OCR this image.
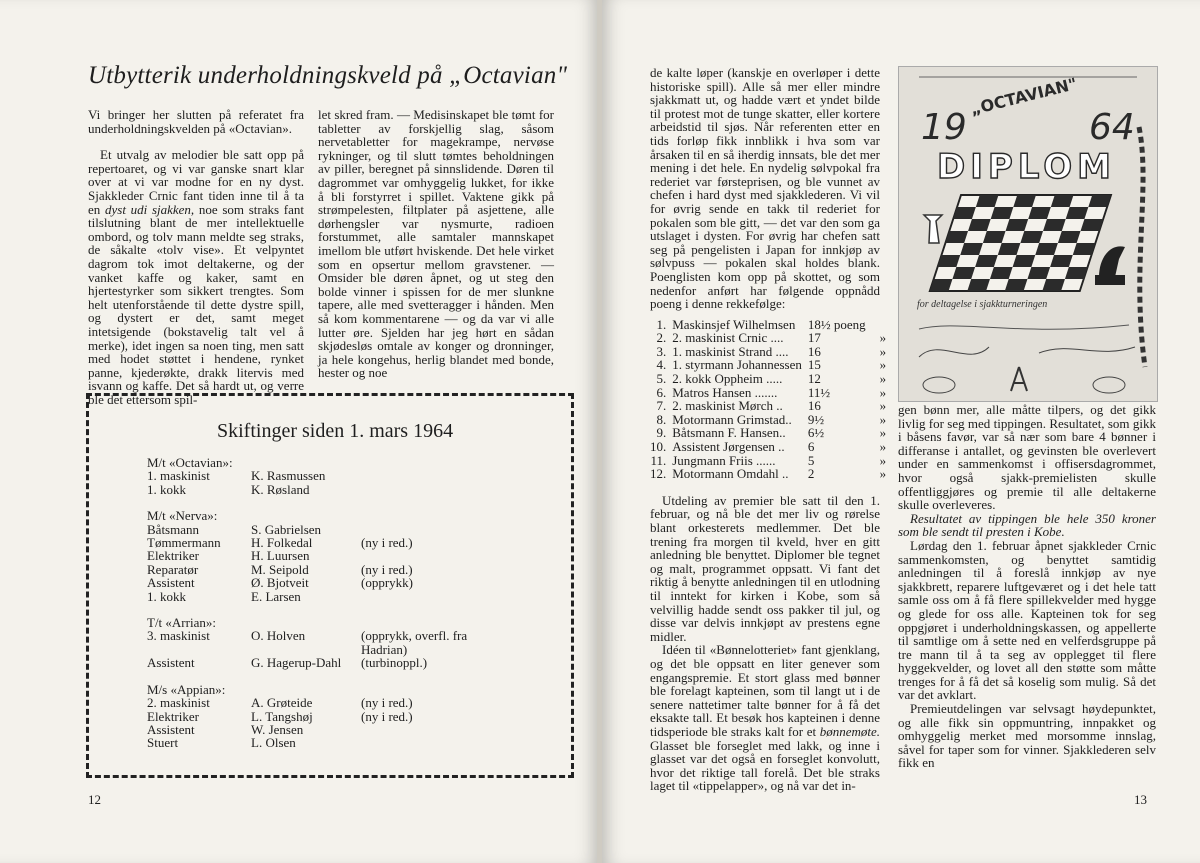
Utbytterik underholdningskveld på „Octavian"

Vi bringer her slutten på referatet fra underholdningskvelden på «Octavian».

Et utvalg av melodier ble satt opp på repertoaret, og vi var ganske snart klar over at vi var modne for en ny dyst. Sjakkleder Crnic fant tiden inne til å ta en dyst udi sjakken, noe som straks fant tilslutning blant de mer intellektuelle ombord, og tolv mann meldte seg straks, de såkalte «tolv vise». Et velpyntet dagrom tok imot deltakerne, og der vanket kaffe og kaker, samt en hjertestyrker som sikkert trengtes. Som helt utenforstående til dette dystre spill, og dystert er det, samt meget intetsigende (bokstavelig talt vel å merke), idet ingen sa noen ting, men satt med hodet støttet i hendene, rynket panne, kjederøkte, drakk litervis med isvann og kaffe. Det så hardt ut, og verre ble det ettersom spil-

let skred fram. — Medisinskapet ble tømt for tabletter av forskjellig slag, såsom nervetabletter for magekrampe, nervøse rykninger, og til slutt tømtes beholdningen av piller, beregnet på sinnslidende. Døren til dagrommet var omhyggelig lukket, for ikke å bli forstyrret i spillet. Vaktene gikk på strømpelesten, filtplater på asjettene, alle dørhengsler var nysmurte, radioen forstummet, alle samtaler mannskapet imellom ble utført hviskende. Det hele virket som en opsertur mellom gravstener. — Omsider ble døren åpnet, og ut steg den bolde vinner i spissen for de mer slunkne tapere, alle med svetteragger i hånden. Men så kom kommentarene — og da var vi alle lutter øre. Sjelden har jeg hørt en sådan skjødesløs omtale av konger og dronninger, ja hele kongehus, herlig blandet med bonde, hester og noe

Skiftinger siden 1. mars 1964
M/t «Octavian»:		
1. maskinist	K. Rasmussen	
1. kokk	K. Røsland	
M/t «Nerva»:		
Båtsmann	S. Gabrielsen	
Tømmermann	H. Folkedal	(ny i red.)
Elektriker	H. Luursen	
Reparatør	M. Seipold	(ny i red.)
Assistent	Ø. Bjotveit	(opprykk)
1. kokk	E. Larsen	
T/t «Arrian»:		
3. maskinist	O. Holven	(opprykk, overfl. fra
		Hadrian)
Assistent	G. Hagerup-Dahl	(turbinoppl.)
M/s «Appian»:		
2. maskinist	A. Grøteide	(ny i red.)
Elektriker	L. Tangshøj	(ny i red.)
Assistent	W. Jensen	
Stuert	L. Olsen	
12

de kalte løper (kanskje en overløper i dette historiske spill). Alle så mer eller mindre sjakkmatt ut, og hadde vært et yndet bilde til protest mot de tunge skatter, eller kortere arbeidstid til sjøs. Når referenten etter en tids forløp fikk innblikk i hva som var årsaken til en så iherdig innsats, ble det mer mening i det hele. En nydelig sølvpokal fra rederiet var førsteprisen, og ble vunnet av chefen i hard dyst med sjakklederen. Vi vil for øvrig sende en takk til rederiet for pokalen som ble gitt, — det var den som ga utslaget i dysten. For øvrig har chefen satt seg på pengelisten i Japan for innkjøp av sølvpuss — pokalen skal holdes blank. Poenglisten kom opp på skottet, og som nedenfor anført har følgende oppnådd poeng i denne rekkefølge:

1.	Maskinsjef Wilhelmsen	18½ poeng	
2.	2. maskinist Crnic ....	17	»
3.	1. maskinist Strand ....	16	»
4.	1. styrmann Johannessen	15	»
5.	2. kokk Oppheim .....	12	»
6.	Matros Hansen .......	11½	»
7.	2. maskinist Mørch ..	16	»
8.	Motormann Grimstad..	9½	»
9.	Båtsmann F. Hansen..	6½	»
10.	Assistent Jørgensen ..	6	»
11.	Jungmann Friis ......	5	»
12.	Motormann Omdahl ..	2	»

Utdeling av premier ble satt til den 1. februar, og nå ble det mer liv og rørelse blant orkesterets medlemmer. Det ble trening fra morgen til kveld, hver en gitt anledning ble benyttet. Diplomer ble tegnet og malt, programmet oppsatt. Vi fant det riktig å benytte anledningen til en utlodning til inntekt for kirken i Kobe, som så velvillig hadde sendt oss pakker til jul, og disse var delvis innkjøpt av prestens egne midler.

Idéen til «Bønnelotteriet» fant gjenklang, og det ble oppsatt en liter genever som engangspremie. Et stort glass med bønner ble forelagt kapteinen, som til langt ut i de senere nattetimer talte bønner for å få det eksakte tall. Et besøk hos kapteinen i denne tidsperiode ble straks kalt for et bønnemøte. Glasset ble forseglet med lakk, og inne i glasset var det også en forseglet konvolutt, hvor det riktige tall forelå. Det ble straks laget til «tippelapper», og nå var det in-

19	64
„OCTAVIAN"
DIPLOM
for deltagelse i sjakkturneringen

gen bønn mer, alle måtte tilpers, og det gikk livlig for seg med tippingen. Resultatet, som gikk i båsens favør, var så nær som bare 4 bønner i differanse i antallet, og gevinsten ble overlevert under en sammenkomst i offisersdagrommet, hvor også sjakk-premielisten skulle offentliggjøres og premie til alle deltakerne skulle overleveres.

Resultatet av tippingen ble hele 350 kroner som ble sendt til presten i Kobe.

Lørdag den 1. februar åpnet sjakkleder Crnic sammenkomsten, og benyttet samtidig anledningen til å foreslå innkjøp av nye sjakkbrett, reparere luftgeværet og i det hele tatt samle oss om å få flere spillekvelder med hygge og glede for oss alle. Kapteinen tok for seg oppgjøret i underholdningskassen, og appellerte til samtlige om å sette ned en velferdsgruppe på tre mann til å ta seg av opplegget til flere hyggekvelder, og lovet all den støtte som måtte trenges for å få det så koselig som mulig. Så det var det avklart.

Premieutdelingen var selvsagt høydepunktet, og alle fikk sin oppmuntring, innpakket og omhyggelig merket med morsomme innslag, såvel for taper som for vinner. Sjakklederen selv fikk en

13
